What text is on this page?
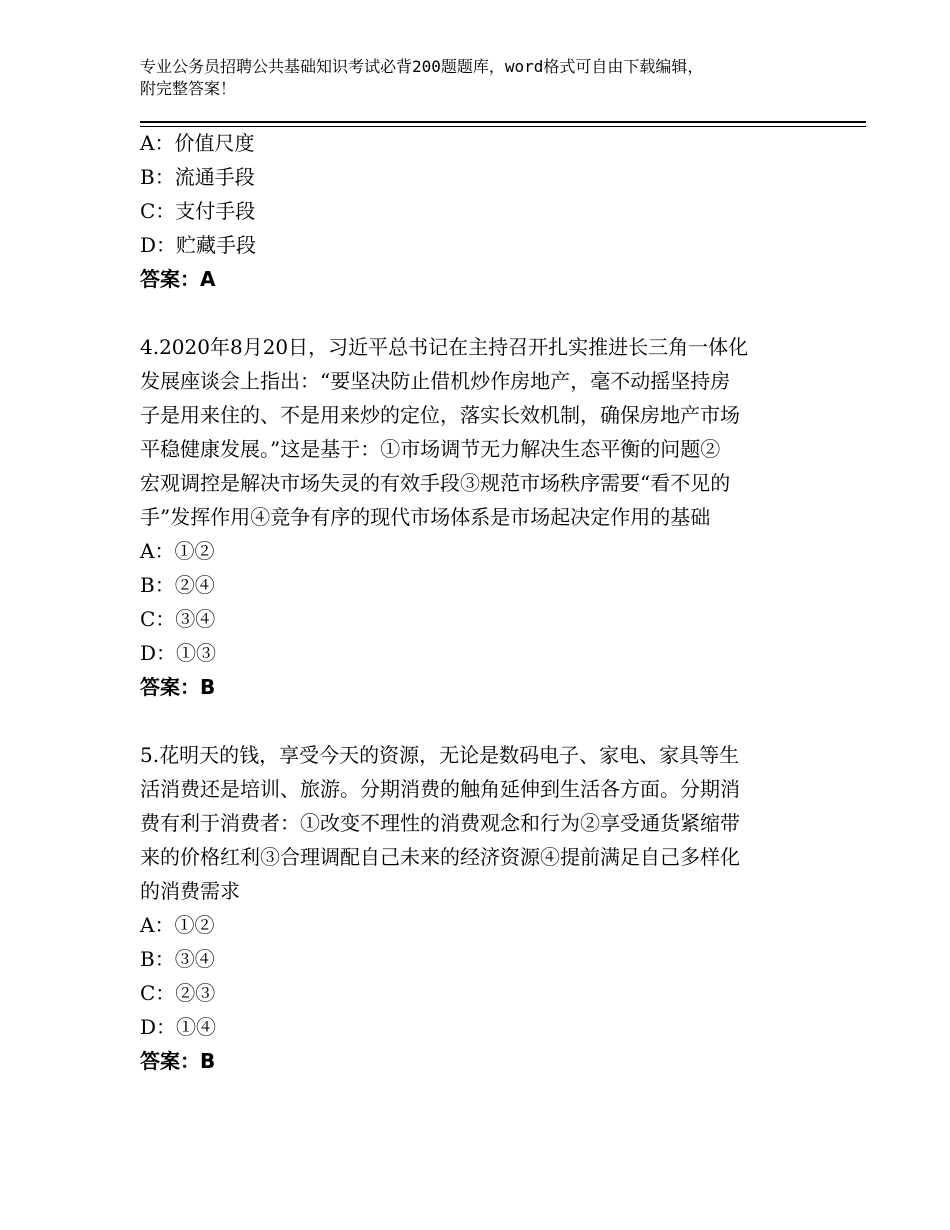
专业公务员招聘公共基础知识考试必背200题题库，word格式可自由下载编辑，
附完整答案！
A：价值尺度
B：流通手段
C：支付手段
D：贮藏手段
答案：A
4.2020年8月20日，习近平总书记在主持召开扎实推进长三角一体化
发展座谈会上指出：“要坚决防止借机炒作房地产，毫不动摇坚持房
子是用来住的、不是用来炒的定位，落实长效机制，确保房地产市场
平稳健康发展。”这是基于：①市场调节无力解决生态平衡的问题②
宏观调控是解决市场失灵的有效手段③规范市场秩序需要“看不见的
手”发挥作用④竞争有序的现代市场体系是市场起决定作用的基础
A：①②
B：②④
C：③④
D：①③
答案：B
5.花明天的钱，享受今天的资源，无论是数码电子、家电、家具等生
活消费还是培训、旅游。分期消费的触角延伸到生活各方面。分期消
费有利于消费者：①改变不理性的消费观念和行为②享受通货紧缩带
来的价格红利③合理调配自己未来的经济资源④提前满足自己多样化
的消费需求
A：①②
B：③④
C：②③
D：①④
答案：B
